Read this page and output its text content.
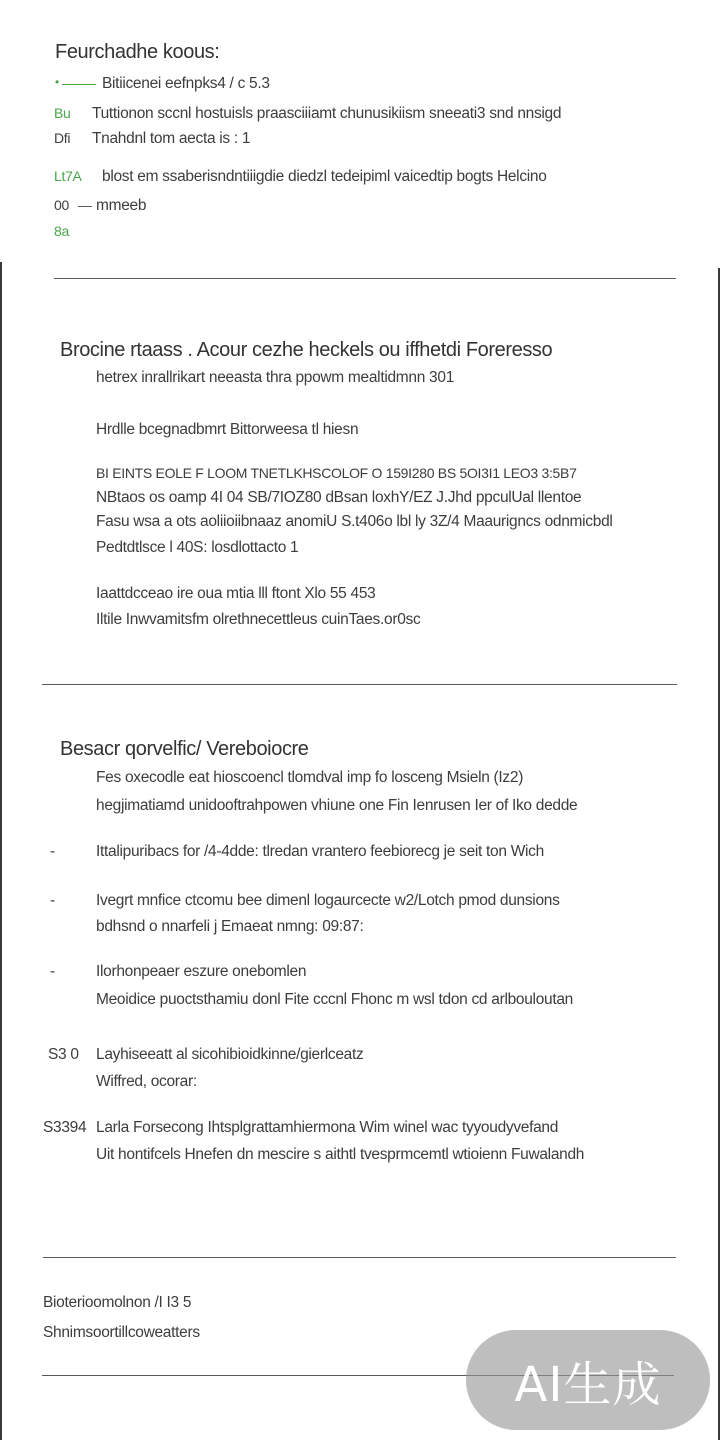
Feurchadhe koous:
•	Bitiicenei eefnpks4 / c 5.3
Bu Tuttionon sccnl hostuisls praasciiiamt chunusikiism sneeati3 snd nnsigd
Dfi Tnahdnl tom aecta is : 1
Lt7A blost em ssaberisndntiiigdie diedzl tedeipiml vaicedtip bogts Helcino
00 mmeeb
8a
Brocine rtaass . Acour cezhe heckels ou iffhetdi Foreresso
hetrex inrallrikart neeasta thra ppowm mealtidmnn 301
Hrdlle bcegnadbmrt Bittorweesa tl hiesn
BI EINTS EOLE F LOOM TNETLKHSCOLOF O 159I280 BS 5OI3I1 LEO3 3:5B7
NBtaos os oamp 4I 04 SB/7IOZ80 dBsan loxhY/EZ J.Jhd ppculUal llentoe
Fasu wsa a ots aoliioiibnaaz anomiU S.t406o lbl ly 3Z/4 Maaurigncs odnmicbdl
Pedtdtlsce l 40S: losdlottacto 1
Iaattdcceao ire oua mtia lll ftont Xlo 55 453
Iltile Inwvamitsfm olrethnecettleus cuinTaes.or0sc
Besacr qorvelfic/ Vereboiocre
Fes oxecodle eat hioscoencl tlomdval imp fo losceng Msieln (Iz2)
hegjimatiamd unidooftrahpowen vhiune one Fin Ienrusen Ier of Iko dedde
-	Ittalipuribacs for /4-4dde: tlredan vrantero feebiorecg je seit ton Wich
-	Ivegrt mnfice ctcomu bee dimenl logaurcecte w2/Lotch pmod dunsions
bdhsnd o nnarfeli j Emaeat nmng: 09:87:
-	Ilorhonpeaer eszure onebomlen
Meoidice puoctsthamiu donl Fite cccnl Fhonc m wsl tdon cd arlbouloutan
S3 0 Layhiseeatt al sicohibioidkinne/gierlceatz
Wiffred, ocorar:
S3394 Larla Forsecong Ihtsplgrattamhiermona Wim winel wac tyyoudyvefand
Uit hontifcels Hnefen dn mescire s aithtl tvesprmcemtl wtioienn Fuwalandh
Bioterioomolnon /I I3 5
Shnimsoortillcoweatters
AI生成
